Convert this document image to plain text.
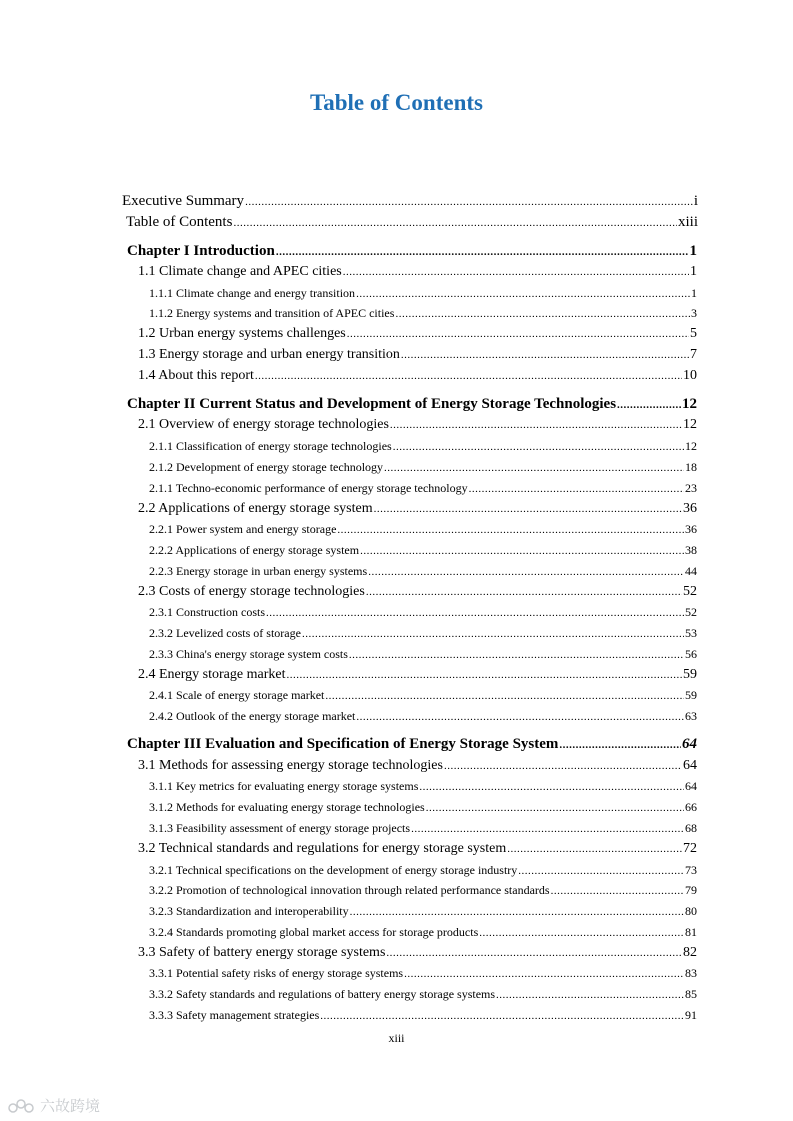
Table of Contents
Executive Summary .....	i
Table of Contents .....	xiii
Chapter I Introduction .....	1
1.1 Climate change and APEC cities .....	1
1.1.1 Climate change and energy transition .....	1
1.1.2 Energy systems and transition of APEC cities .....	3
1.2 Urban energy systems challenges .....	5
1.3 Energy storage and urban energy transition .....	7
1.4 About this report .....	10
Chapter II Current Status and Development of Energy Storage Technologies .....	12
2.1 Overview of energy storage technologies .....	12
2.1.1 Classification of energy storage technologies .....	12
2.1.2 Development of energy storage technology .....	18
2.1.1 Techno-economic performance of energy storage technology .....	23
2.2 Applications of energy storage system .....	36
2.2.1 Power system and energy storage .....	36
2.2.2 Applications of energy storage system .....	38
2.2.3 Energy storage in urban energy systems .....	44
2.3 Costs of energy storage technologies .....	52
2.3.1 Construction costs .....	52
2.3.2 Levelized costs of storage .....	53
2.3.3 China's energy storage system costs .....	56
2.4 Energy storage market .....	59
2.4.1 Scale of energy storage market .....	59
2.4.2 Outlook of the energy storage market .....	63
Chapter III Evaluation and Specification of Energy Storage System .....	64
3.1 Methods for assessing energy storage technologies .....	64
3.1.1 Key metrics for evaluating energy storage systems .....	64
3.1.2 Methods for evaluating energy storage technologies .....	66
3.1.3 Feasibility assessment of energy storage projects .....	68
3.2 Technical standards and regulations for energy storage system .....	72
3.2.1 Technical specifications on the development of energy storage industry .....	73
3.2.2 Promotion of technological innovation through related performance standards .....	79
3.2.3 Standardization and interoperability .....	80
3.2.4 Standards promoting global market access for storage products .....	81
3.3 Safety of battery energy storage systems .....	82
3.3.1 Potential safety risks of energy storage systems .....	83
3.3.2 Safety standards and regulations of battery energy storage systems .....	85
3.3.3 Safety management strategies .....	91
xiii
六故跨境
